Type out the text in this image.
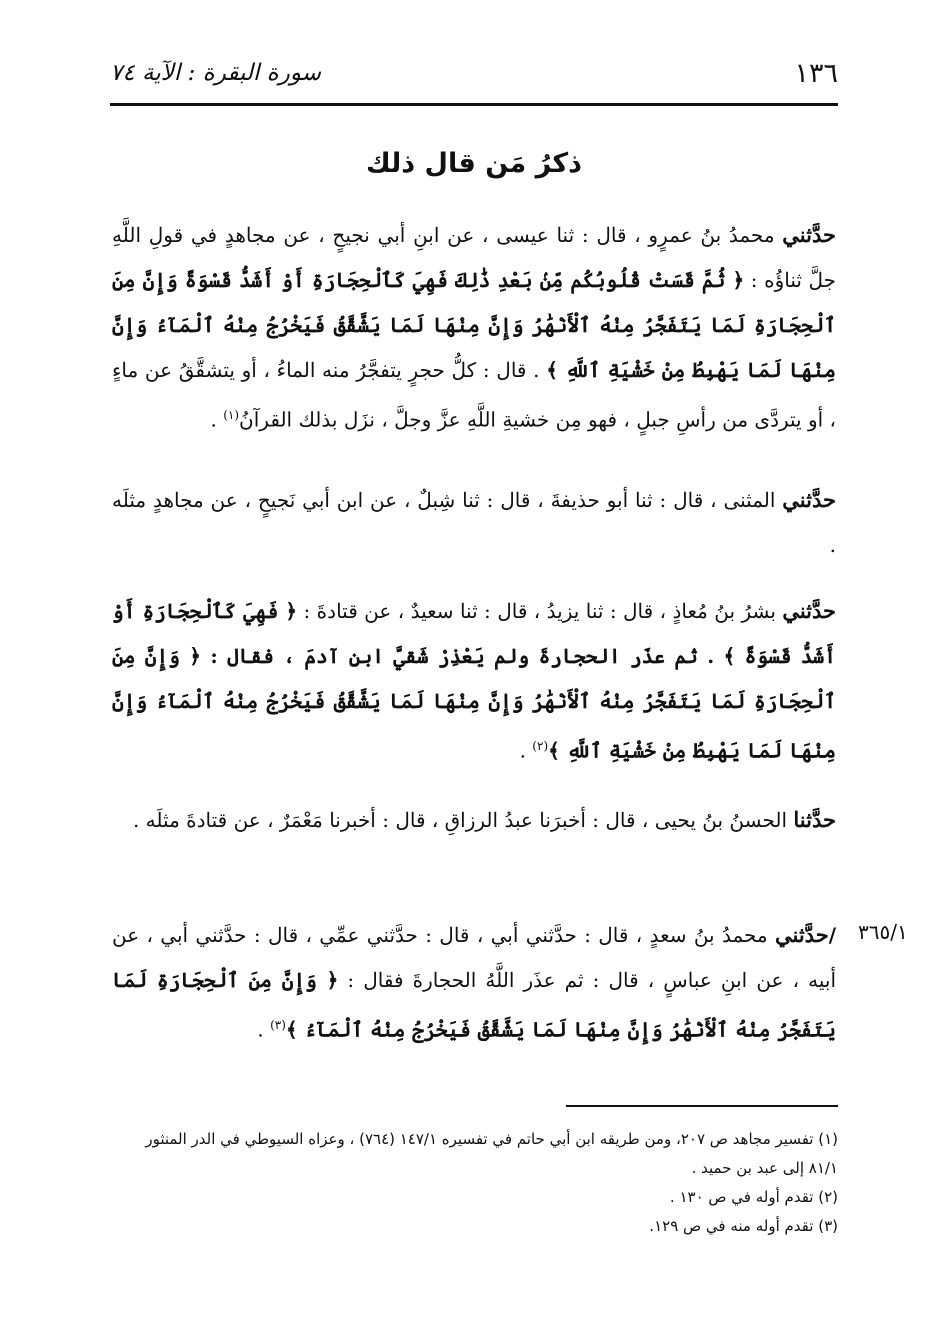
١٣٦
سورة البقرة : الآية ٧٤
ذكرُ مَن قال ذلك
حدَّثني محمدُ بنُ عمرٍو ، قال : ثنا عيسى ، عن ابنِ أبي نجيحٍ ، عن مجاهدٍ في قولِ اللَّهِ جلَّ ثناؤُه : ﴿ ثُمَّ قَسَتْ قُلُوبُكُم مِّنۢ بَعْدِ ذَٰلِكَ فَهِيَ كَٱلْحِجَارَةِ أَوْ أَشَدُّ قَسْوَةً وَإِنَّ مِنَ ٱلْحِجَارَةِ لَمَا يَتَفَجَّرُ مِنْهُ ٱلْأَنْهَٰرُ وَإِنَّ مِنْهَا لَمَا يَشَّقَّقُ فَيَخْرُجُ مِنْهُ ٱلْمَآءُ وَإِنَّ مِنْهَا لَمَا يَهْبِطُ مِنْ خَشْيَةِ ٱللَّهِ ﴾ . قال : كلُّ حجرٍ يتفجَّرُ منه الماءُ ، أو يتشقَّقُ عن ماءٍ ، أو يتردَّى من رأسِ جبلٍ ، فهو مِن خشيةِ اللَّهِ عزَّ وجلَّ ، نزَل بذلك القرآنُ$^{(١)}$ .
حدَّثني المثنى ، قال : ثنا أبو حذيفةَ ، قال : ثنا شِبلٌ ، عن ابن أبي نَجيحٍ ، عن مجاهدٍ مثلَه .
حدَّثني بشرُ بنُ مُعاذٍ ، قال : ثنا يزيدُ ، قال : ثنا سعيدٌ ، عن قتادةَ : ﴿ فَهِيَ كَٱلْحِجَارَةِ أَوْ أَشَدُّ قَسْوَةً ﴾ . ثم عذَر الحجارةَ ولم يَعْذِرْ شَقيَّ ابنِ آدمَ ، فقال : ﴿ وَإِنَّ مِنَ ٱلْحِجَارَةِ لَمَا يَتَفَجَّرُ مِنْهُ ٱلْأَنْهَٰرُ وَإِنَّ مِنْهَا لَمَا يَشَّقَّقُ فَيَخْرُجُ مِنْهُ ٱلْمَآءُ وَإِنَّ مِنْهَا لَمَا يَهْبِطُ مِنْ خَشْيَةِ ٱللَّهِ ﴾$^{(٢)}$ .
حدَّثنا الحسنُ بنُ يحيى ، قال : أخبرَنا عبدُ الرزاقِ ، قال : أخبرنا مَعْمَرٌ ، عن قتادةَ مثلَه .
/حدَّثني محمدُ بنُ سعدٍ ، قال : حدَّثني أبي ، قال : حدَّثني عمِّي ، قال : حدَّثني أبي ، عن أبيه ، عن ابنِ عباسٍ ، قال : ثم عذَر اللَّهُ الحجارةَ فقال : ﴿ وَإِنَّ مِنَ ٱلْحِجَارَةِ لَمَا يَتَفَجَّرُ مِنْهُ ٱلْأَنْهَٰرُ وَإِنَّ مِنْهَا لَمَا يَشَّقَّقُ فَيَخْرُجُ مِنْهُ ٱلْمَآءُ ﴾$^{(٣)}$ .
٣٦٥/١

(١) تفسير مجاهد ص ٢٠٧، ومن طريقه ابن أبي حاتم في تفسيره ١٤٧/١ (٧٦٤) ، وعزاه السيوطي في الدر المنثور ٨١/١ إلى عبد بن حميد .

(٢) تقدم أوله في ص ١٣٠ .

(٣) تقدم أوله منه في ص ١٢٩.
